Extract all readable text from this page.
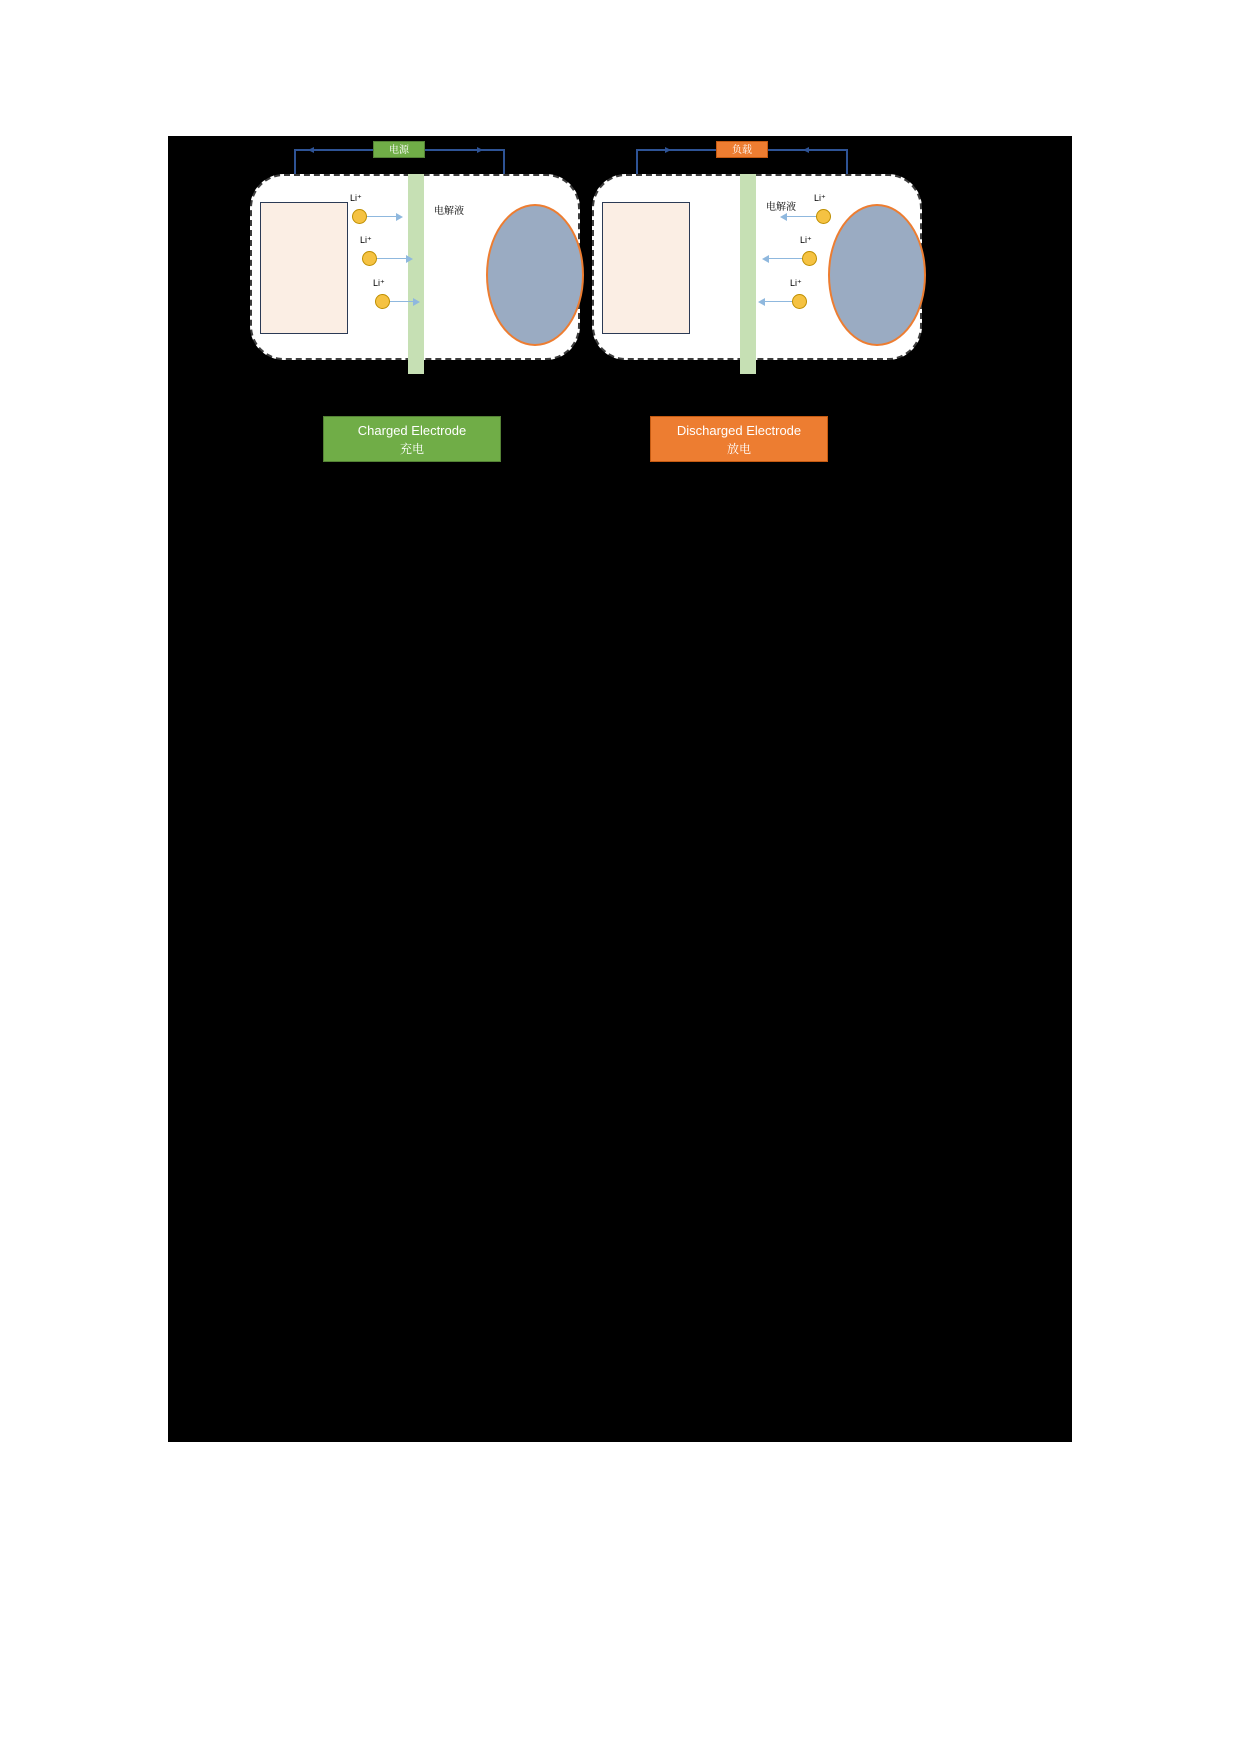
电源
电解液
Li⁺
Li⁺
Li⁺
负载
电解液
Li⁺
Li⁺
Li⁺
Charged Electrode
充电
Discharged Electrode
放电
